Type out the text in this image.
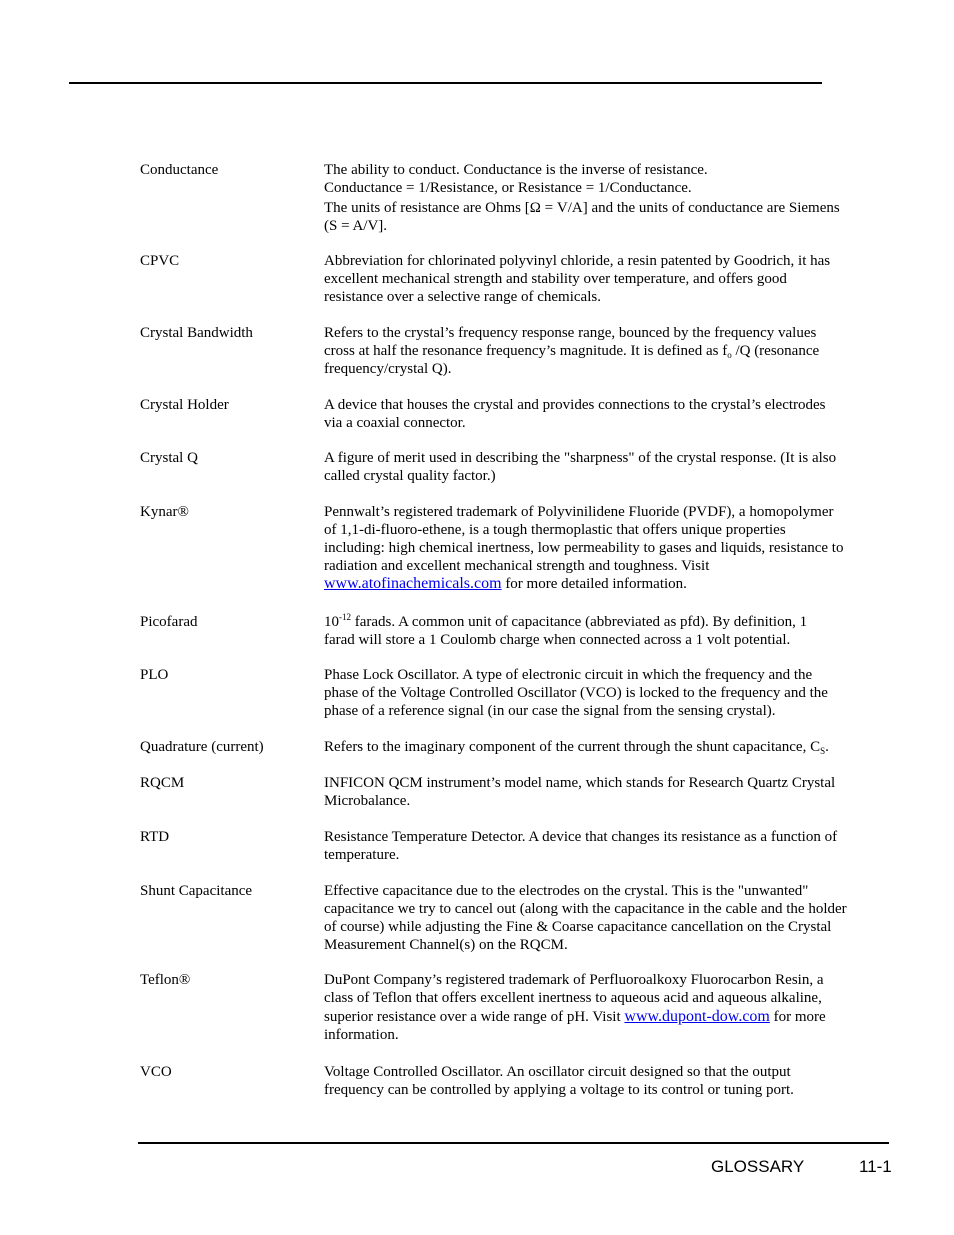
Conductance	The ability to conduct. Conductance is the inverse of resistance.
Conductance = 1/Resistance, or Resistance = 1/Conductance.
The units of resistance are Ohms [Ω = V/A] and the units of conductance are Siemens
(S = A/V].
CPVC	Abbreviation for chlorinated polyvinyl chloride, a resin patented by Goodrich, it has
excellent mechanical strength and stability over temperature, and offers good
resistance over a selective range of chemicals.
Crystal Bandwidth	Refers to the crystal’s frequency response range, bounced by the frequency values
cross at half the resonance frequency’s magnitude. It is defined as $f_o$ /Q (resonance
frequency/crystal Q).
Crystal Holder	A device that houses the crystal and provides connections to the crystal’s electrodes
via a coaxial connector.
Crystal Q	A figure of merit used in describing the "sharpness" of the crystal response. (It is also
called crystal quality factor.)
Kynar®	Pennwalt’s registered trademark of Polyvinilidene Fluoride (PVDF), a homopolymer
of 1,1-di-fluoro-ethene, is a tough thermoplastic that offers unique properties
including: high chemical inertness, low permeability to gases and liquids, resistance to
radiation and excellent mechanical strength and toughness. Visit
www.atofinachemicals.com for more detailed information.
Picofarad	$10^{-12}$ farads. A common unit of capacitance (abbreviated as pfd). By definition, 1
farad will store a 1 Coulomb charge when connected across a 1 volt potential.
PLO	Phase Lock Oscillator. A type of electronic circuit in which the frequency and the
phase of the Voltage Controlled Oscillator (VCO) is locked to the frequency and the
phase of a reference signal (in our case the signal from the sensing crystal).
Quadrature (current)	Refers to the imaginary component of the current through the shunt capacitance, $C_S$.
RQCM	INFICON QCM instrument’s model name, which stands for Research Quartz Crystal
Microbalance.
RTD	Resistance Temperature Detector. A device that changes its resistance as a function of
temperature.
Shunt Capacitance	Effective capacitance due to the electrodes on the crystal. This is the "unwanted"
capacitance we try to cancel out (along with the capacitance in the cable and the holder
of course) while adjusting the Fine & Coarse capacitance cancellation on the Crystal
Measurement Channel(s) on the RQCM.
Teflon®	DuPont Company’s registered trademark of Perfluoroalkoxy Fluorocarbon Resin, a
class of Teflon that offers excellent inertness to aqueous acid and aqueous alkaline,
superior resistance over a wide range of pH. Visit www.dupont-dow.com for more
information.
VCO	Voltage Controlled Oscillator. An oscillator circuit designed so that the output
frequency can be controlled by applying a voltage to its control or tuning port.
GLOSSARY	11-1
